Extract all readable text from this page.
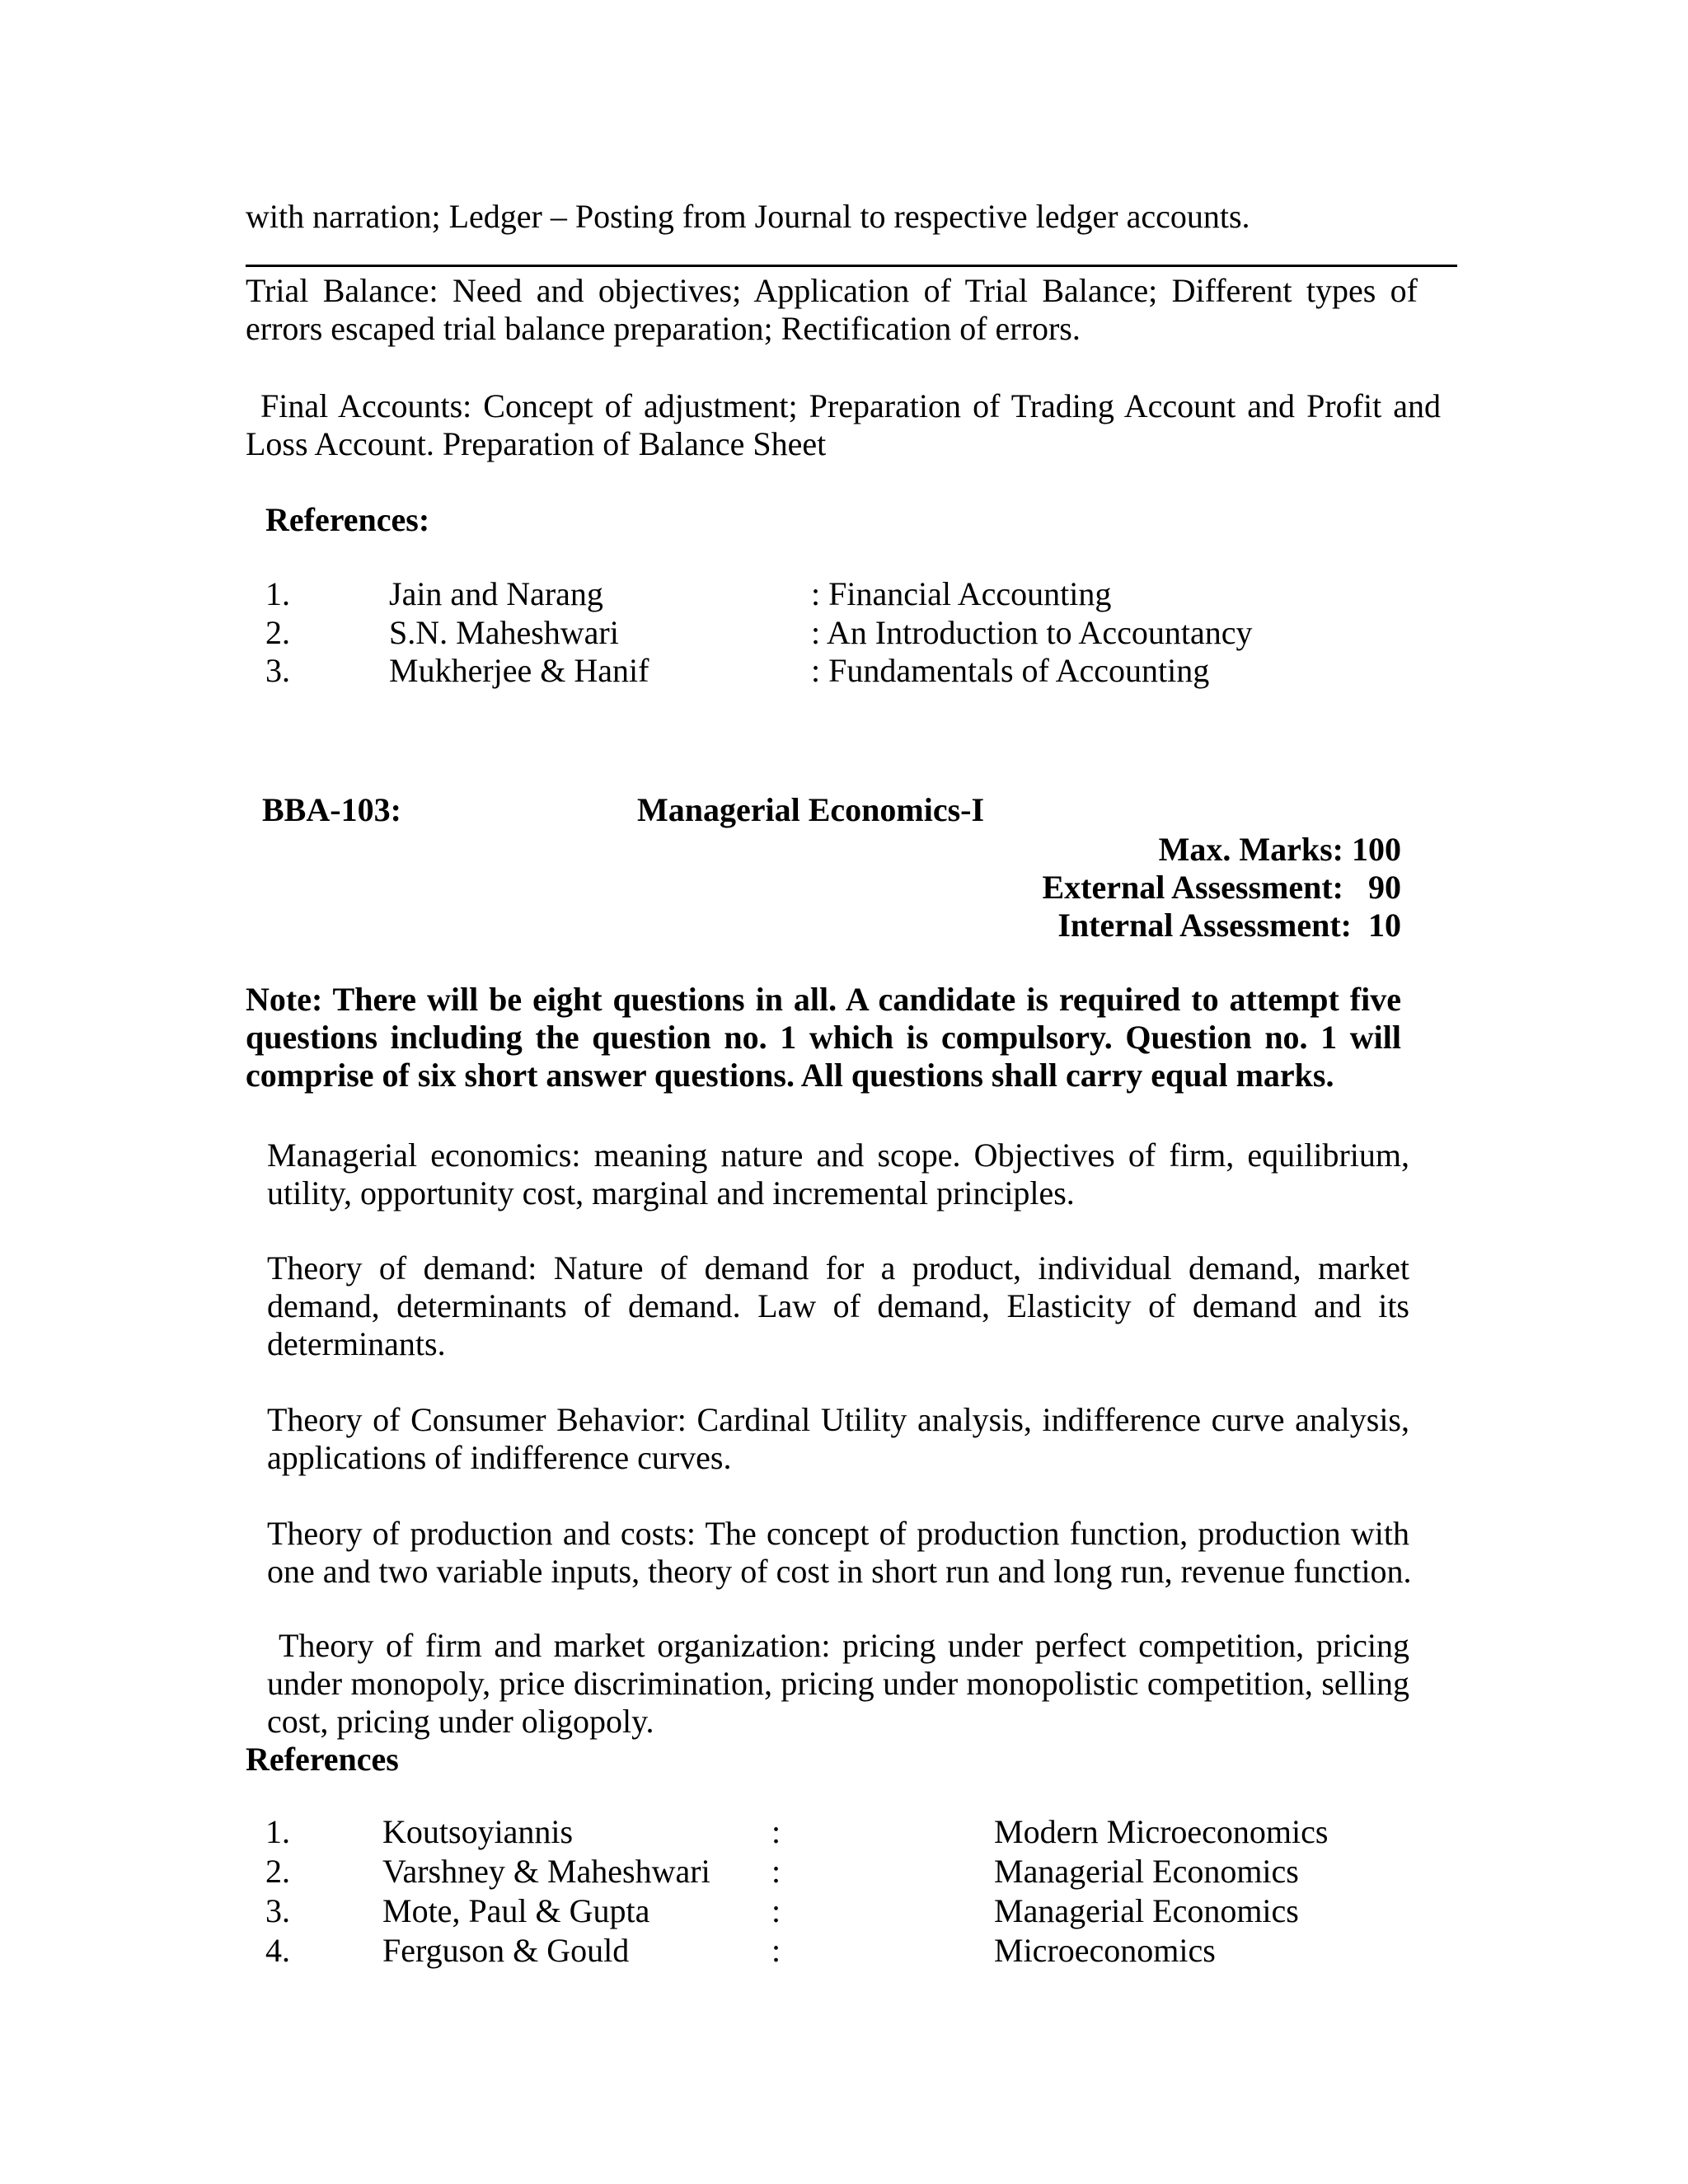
with narration; Ledger – Posting from Journal to respective ledger accounts.
Trial Balance: Need and objectives; Application of Trial Balance; Different types of
errors escaped trial balance preparation; Rectification of errors.
Final Accounts: Concept of adjustment; Preparation of Trading Account and Profit and
Loss Account. Preparation of Balance Sheet
References:
1.	Jain and Narang	: Financial Accounting
2.	S.N. Maheshwari	: An Introduction to Accountancy
3.	Mukherjee & Hanif	: Fundamentals of Accounting
BBA-103:	Managerial Economics-I
Max. Marks: 100
External Assessment:   90
Internal Assessment:  10
Note: There will be eight questions in all. A candidate is required to attempt five
questions including the question no. 1 which is compulsory. Question no. 1 will
comprise of six short answer questions. All questions shall carry equal marks.
Managerial economics: meaning nature and scope. Objectives of firm, equilibrium,
utility, opportunity cost, marginal and incremental principles.
Theory of demand: Nature of demand for a product, individual demand, market
demand, determinants of demand. Law of demand, Elasticity of demand and its
determinants.
Theory of Consumer Behavior: Cardinal Utility analysis, indifference curve analysis,
applications of indifference curves.
Theory of production and costs: The concept of production function, production with
one and two variable inputs, theory of cost in short run and long run, revenue function.
Theory of firm and market organization: pricing under perfect competition, pricing
under monopoly, price discrimination, pricing under monopolistic competition, selling
cost, pricing under oligopoly.
References
1.	Koutsoyiannis	:	Modern Microeconomics
2.	Varshney & Maheshwari :	Managerial Economics
3.	Mote, Paul & Gupta	:	Managerial Economics
4.	Ferguson & Gould	:	Microeconomics
